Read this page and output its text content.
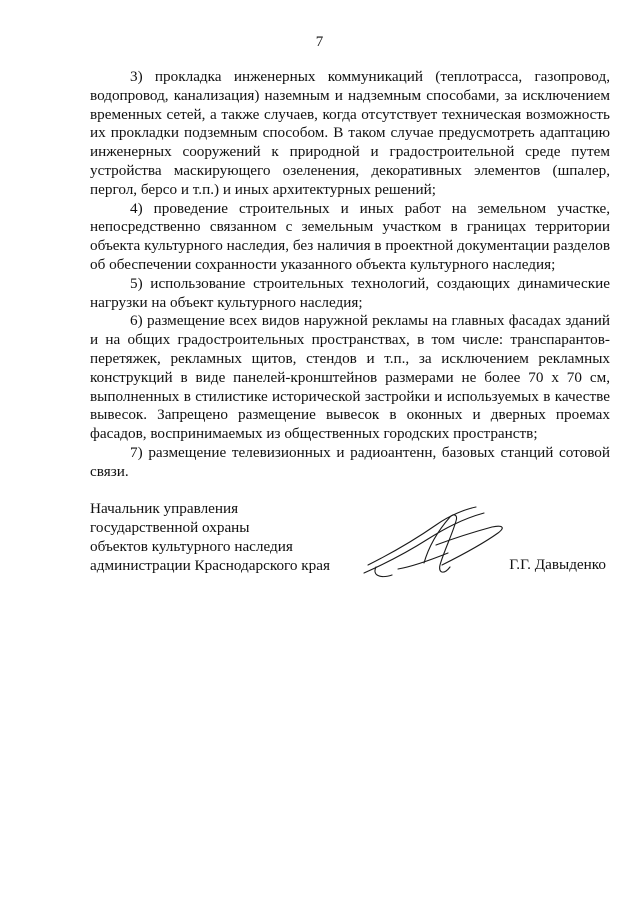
7

3) прокладка инженерных коммуникаций (теплотрасса, газопровод, водопровод, канализация) наземным и надземным способами, за исключением временных сетей, а также случаев, когда отсутствует техническая возможность их прокладки подземным способом. В таком случае предусмотреть адаптацию инженерных сооружений к природной и градостроительной среде путем устройства маскирующего озеленения, декоративных элементов (шпалер, пергол, берсо и т.п.) и иных архитектурных решений;

4) проведение строительных и иных работ на земельном участке, непосредственно связанном с земельным участком в границах территории объекта культурного наследия, без наличия в проектной документации разделов об обеспечении сохранности указанного объекта культурного наследия;

5) использование строительных технологий, создающих динамические нагрузки на объект культурного наследия;

6) размещение всех видов наружной рекламы на главных фасадах зданий и на общих градостроительных пространствах, в том числе: транспарантов-перетяжек, рекламных щитов, стендов и т.п., за исключением рекламных конструкций в виде панелей-кронштейнов размерами не более 70 х 70 см, выполненных в стилистике исторической застройки и используемых в качестве вывесок. Запрещено размещение вывесок в оконных и дверных проемах фасадов, воспринимаемых из общественных городских пространств;

7) размещение телевизионных и радиоантенн, базовых станций сотовой связи.

Начальник управления
государственной охраны
объектов культурного наследия
администрации Краснодарского края	Г.Г. Давыденко
